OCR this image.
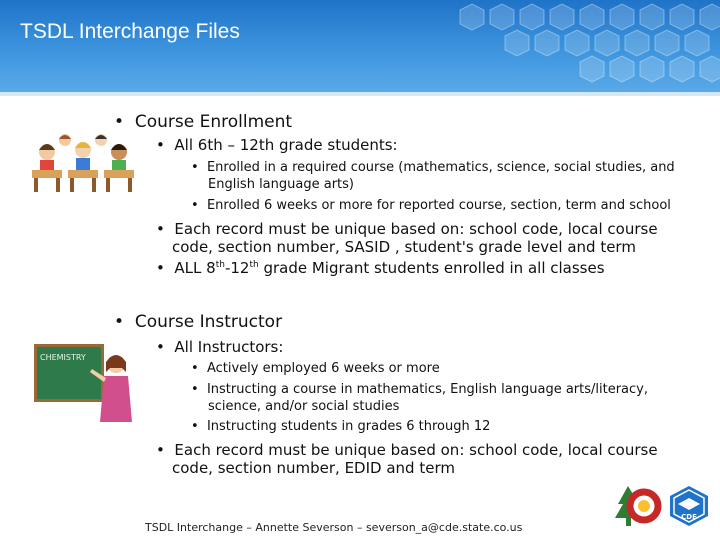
TSDL Interchange Files
CHEMISTRY
• Course Enrollment
• All 6th – 12th grade students:
• Enrolled in a required course (mathematics, science, social studies, and
English language arts)
• Enrolled 6 weeks or more for reported course, section, term and school
• Each record must be unique based on: school code, local course
code, section number, SASID , student's grade level and term
• ALL 8th-12th grade Migrant students enrolled in all classes
• Course Instructor
• All Instructors:
• Actively employed 6 weeks or more
• Instructing a course in mathematics, English language arts/literacy,
science, and/or social studies
• Instructing students in grades 6 through 12
• Each record must be unique based on: school code, local course
code, section number, EDID and term
TSDL Interchange – Annette Severson – severson_a@cde.state.co.us
CDE
